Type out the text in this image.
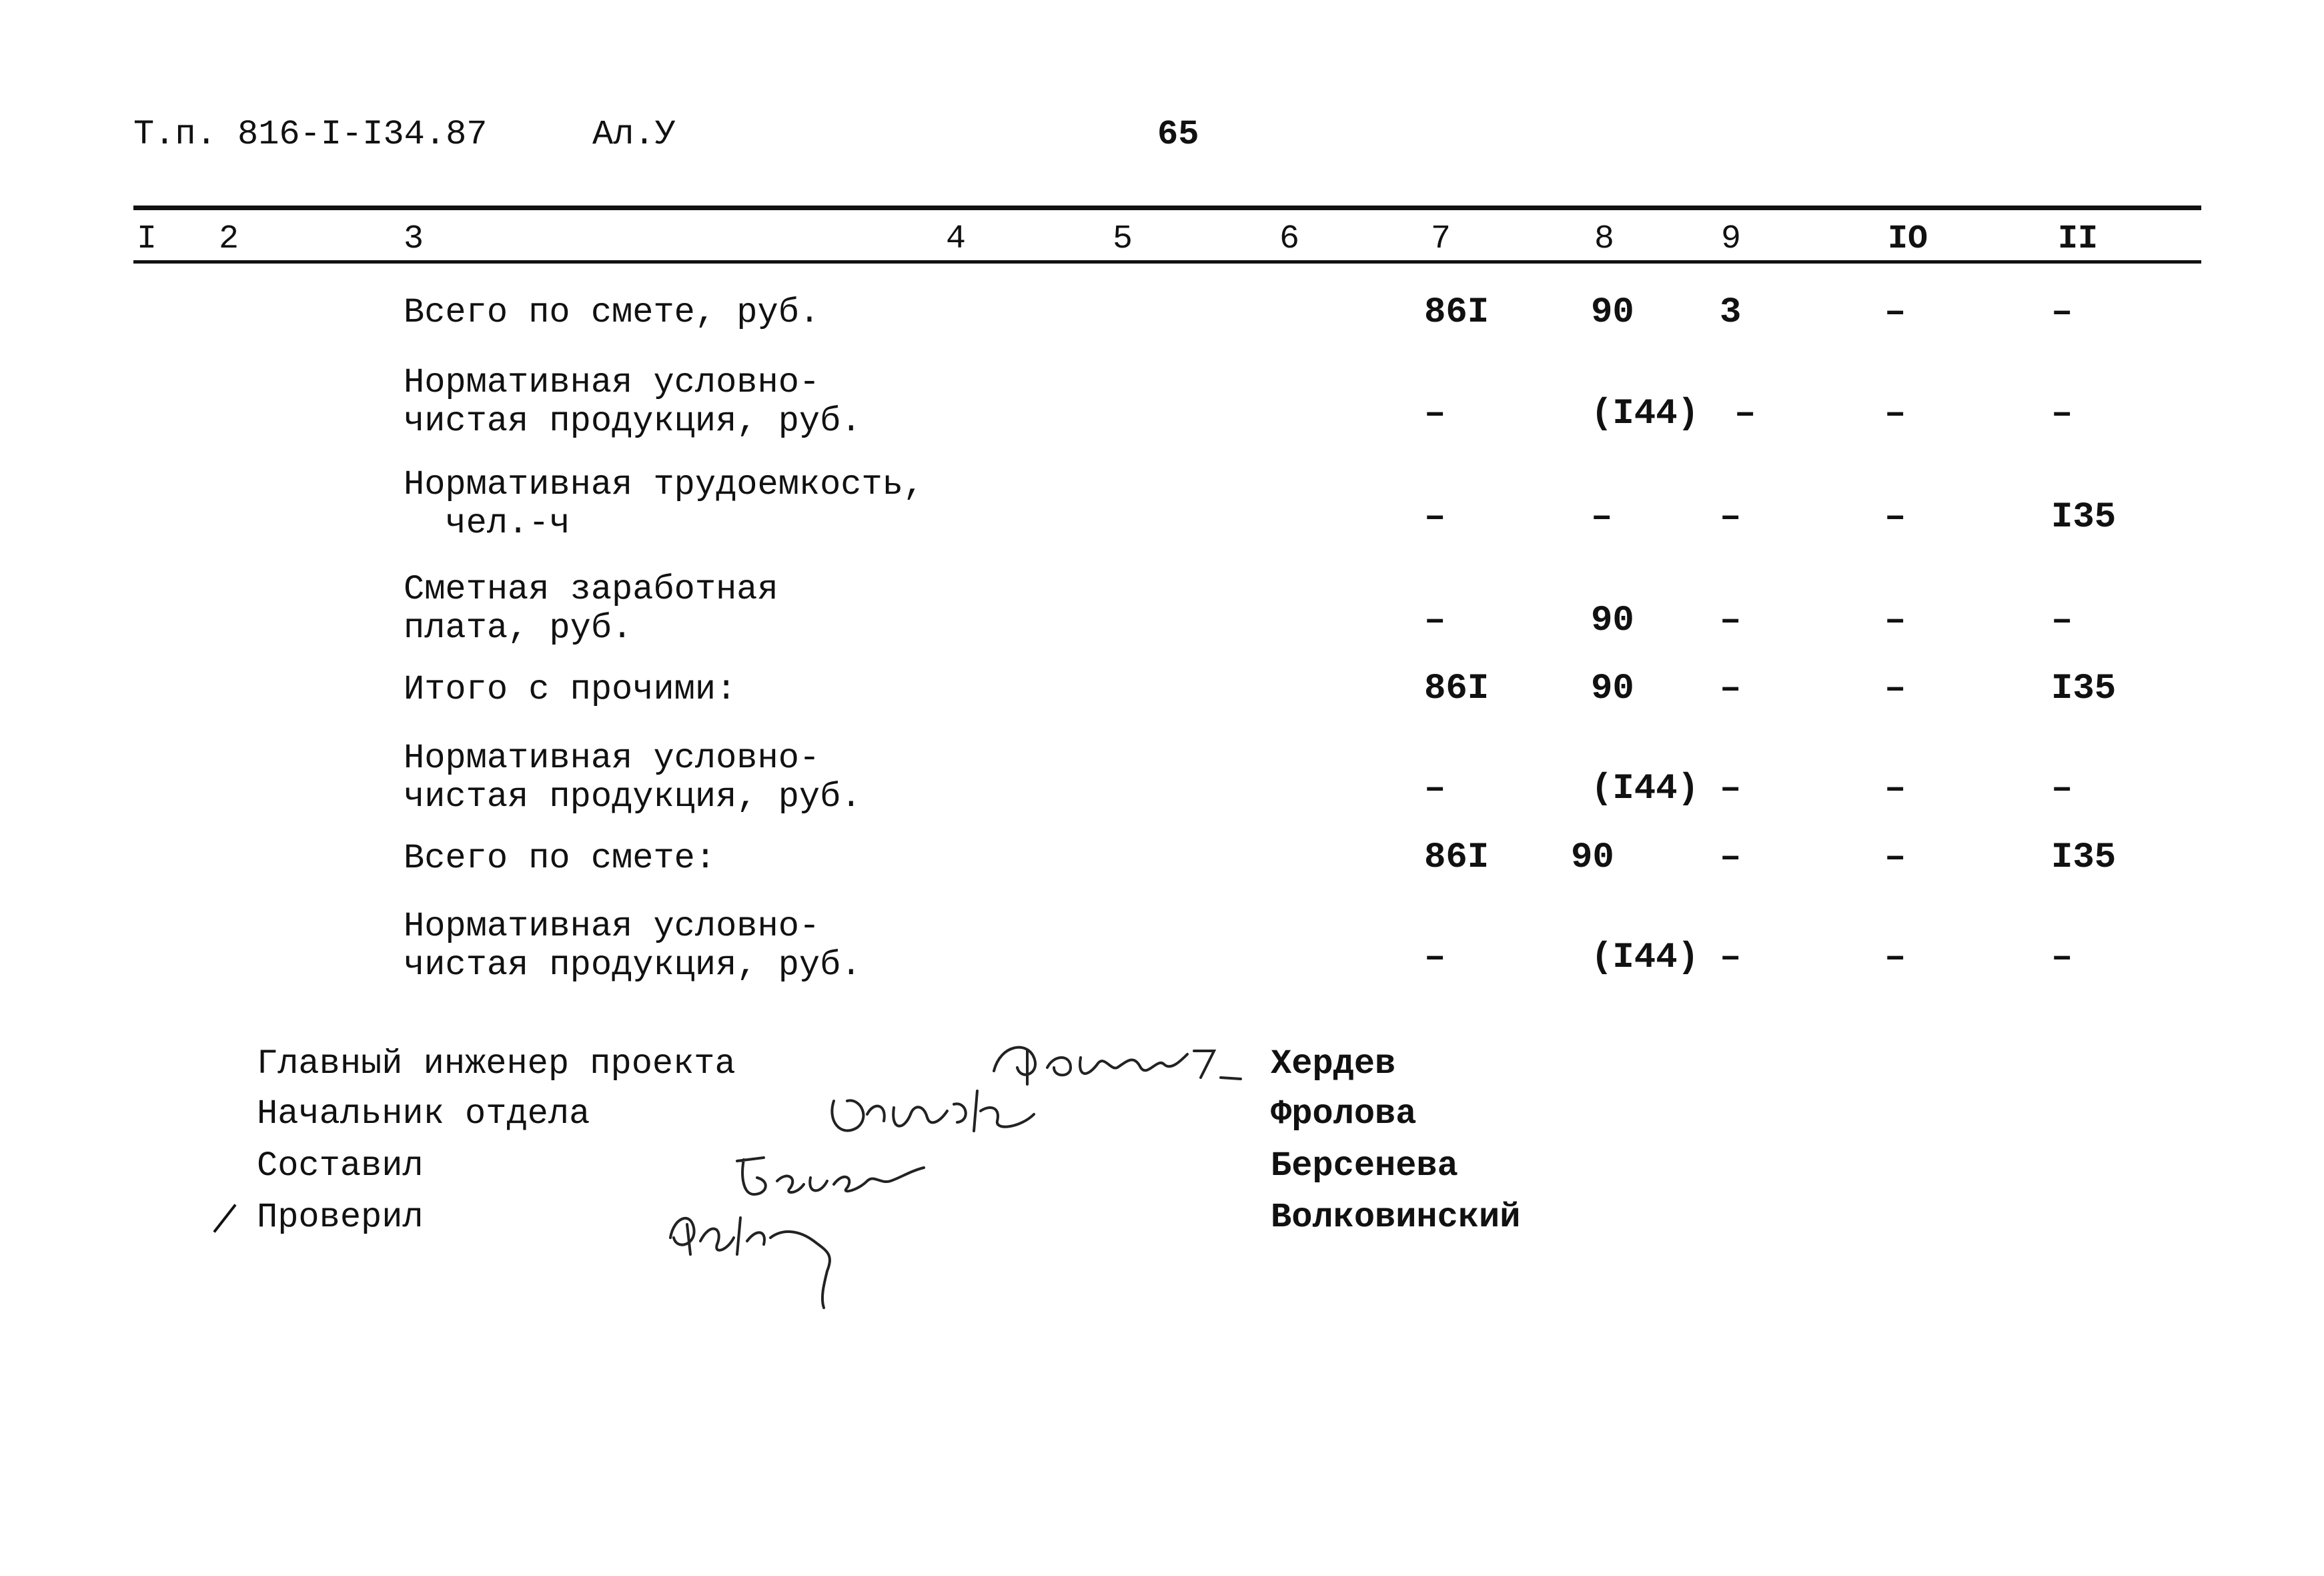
Т.п. 816-I-I34.87	Ал.У	65
I 2	3	4	5	6	7	8	9	IO	II
Всего по смете, руб.	86I	90 3	–	–
Нормативная условно-
чистая продукция, руб.	–	(I44) –	–	–
Нормативная трудоемкость,
чел.-ч	–	–	–	–	I35
Сметная заработная
плата, руб.	–	90 –	–	–
Итого с прочими:	86I	90 –	–	I35
Нормативная условно-
чистая продукция, руб.	–	(I44) –	–	–
Всего по смете:	86I 90	–	–	I35
Нормативная условно-
чистая продукция, руб.	–	(I44) –	–	–
Главный инженер проекта
Начальник отдела
Составил
Проверил
Хердев
Фролова
Берсенева
Волковинский
